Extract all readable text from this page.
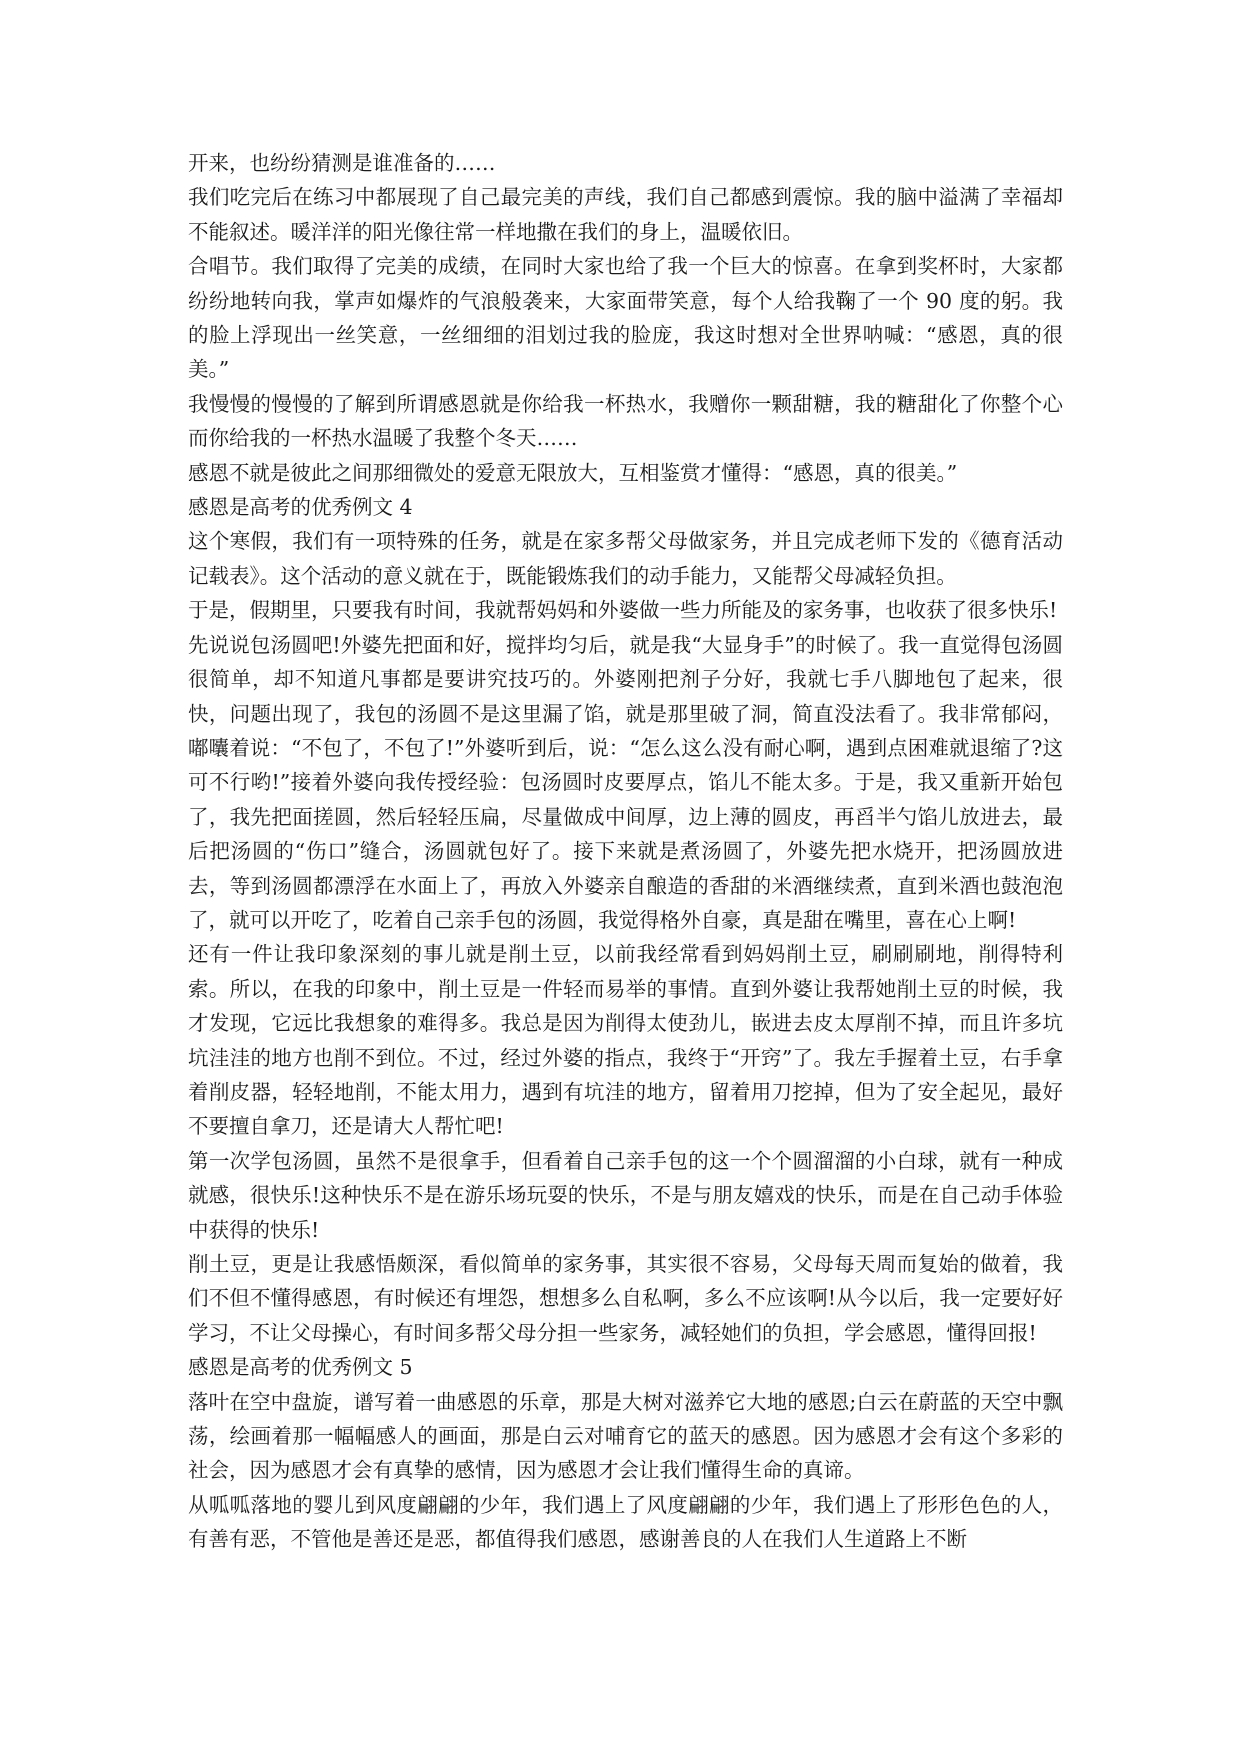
开来，也纷纷猜测是谁准备的……

我们吃完后在练习中都展现了自己最完美的声线，我们自己都感到震惊。我的脑中溢满了幸福却不能叙述。暖洋洋的阳光像往常一样地撒在我们的身上，温暖依旧。

合唱节。我们取得了完美的成绩，在同时大家也给了我一个巨大的惊喜。在拿到奖杯时，大家都纷纷地转向我，掌声如爆炸的气浪般袭来，大家面带笑意，每个人给我鞠了一个 90 度的躬。我的脸上浮现出一丝笑意，一丝细细的泪划过我的脸庞，我这时想对全世界呐喊：“感恩，真的很美。”

我慢慢的慢慢的了解到所谓感恩就是你给我一杯热水，我赠你一颗甜糖，我的糖甜化了你整个心而你给我的一杯热水温暖了我整个冬天……

感恩不就是彼此之间那细微处的爱意无限放大，互相鉴赏才懂得：“感恩，真的很美。”

感恩是高考的优秀例文 4

这个寒假，我们有一项特殊的任务，就是在家多帮父母做家务，并且完成老师下发的《德育活动记载表》。这个活动的意义就在于，既能锻炼我们的动手能力，又能帮父母减轻负担。

于是，假期里，只要我有时间，我就帮妈妈和外婆做一些力所能及的家务事，也收获了很多快乐!

先说说包汤圆吧!外婆先把面和好，搅拌均匀后，就是我“大显身手”的时候了。我一直觉得包汤圆很简单，却不知道凡事都是要讲究技巧的。外婆刚把剂子分好，我就七手八脚地包了起来，很快，问题出现了，我包的汤圆不是这里漏了馅，就是那里破了洞，简直没法看了。我非常郁闷，嘟囔着说：“不包了，不包了!”外婆听到后，说：“怎么这么没有耐心啊，遇到点困难就退缩了?这可不行哟!”接着外婆向我传授经验：包汤圆时皮要厚点，馅儿不能太多。于是，我又重新开始包了，我先把面搓圆，然后轻轻压扁，尽量做成中间厚，边上薄的圆皮，再舀半勺馅儿放进去，最后把汤圆的“伤口”缝合，汤圆就包好了。接下来就是煮汤圆了，外婆先把水烧开，把汤圆放进去，等到汤圆都漂浮在水面上了，再放入外婆亲自酿造的香甜的米酒继续煮，直到米酒也鼓泡泡了，就可以开吃了，吃着自己亲手包的汤圆，我觉得格外自豪，真是甜在嘴里，喜在心上啊!

还有一件让我印象深刻的事儿就是削土豆，以前我经常看到妈妈削土豆，刷刷刷地，削得特利索。所以，在我的印象中，削土豆是一件轻而易举的事情。直到外婆让我帮她削土豆的时候，我才发现，它远比我想象的难得多。我总是因为削得太使劲儿，嵌进去皮太厚削不掉，而且许多坑坑洼洼的地方也削不到位。不过，经过外婆的指点，我终于“开窍”了。我左手握着土豆，右手拿着削皮器，轻轻地削，不能太用力，遇到有坑洼的地方，留着用刀挖掉，但为了安全起见，最好不要擅自拿刀，还是请大人帮忙吧!

第一次学包汤圆，虽然不是很拿手，但看着自己亲手包的这一个个圆溜溜的小白球，就有一种成就感，很快乐!这种快乐不是在游乐场玩耍的快乐，不是与朋友嬉戏的快乐，而是在自己动手体验中获得的快乐!

削土豆，更是让我感悟颇深，看似简单的家务事，其实很不容易，父母每天周而复始的做着，我们不但不懂得感恩，有时候还有埋怨，想想多么自私啊，多么不应该啊!从今以后，我一定要好好学习，不让父母操心，有时间多帮父母分担一些家务，减轻她们的负担，学会感恩，懂得回报!

感恩是高考的优秀例文 5

落叶在空中盘旋，谱写着一曲感恩的乐章，那是大树对滋养它大地的感恩;白云在蔚蓝的天空中飘荡，绘画着那一幅幅感人的画面，那是白云对哺育它的蓝天的感恩。因为感恩才会有这个多彩的社会，因为感恩才会有真挚的感情，因为感恩才会让我们懂得生命的真谛。

从呱呱落地的婴儿到风度翩翩的少年，我们遇上了风度翩翩的少年，我们遇上了形形色色的人，有善有恶，不管他是善还是恶，都值得我们感恩，感谢善良的人在我们人生道路上不断
